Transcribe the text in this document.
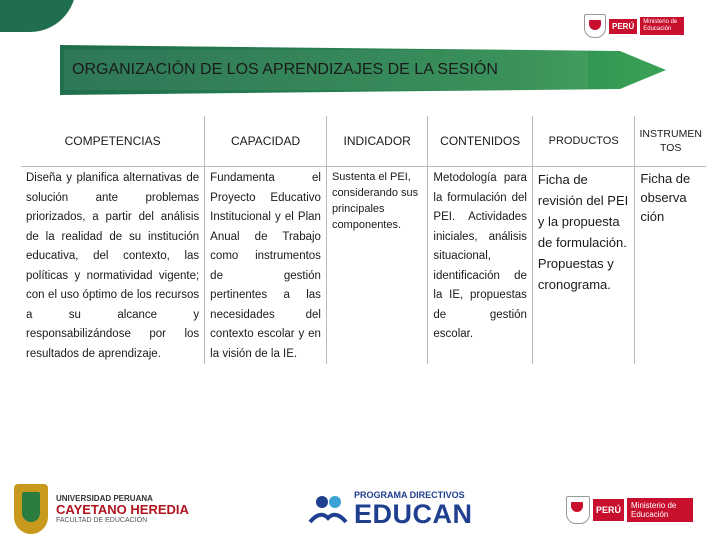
PERÚ	Ministerio de Educación
ORGANIZACIÓN DE LOS APRENDIZAJES DE LA SESIÓN
COMPETENCIAS	CAPACIDAD	INDICADOR	CONTENIDOS	PRODUCTOS	INSTRUMEN TOS
Diseña y planifica alternativas de solución ante problemas priorizados, a partir del análisis de la realidad de su institución educativa, del contexto, las políticas y normatividad vigente; con el uso óptimo de los recursos a su alcance y responsabilizándose por los resultados de aprendizaje.	Fundamenta el Proyecto Educativo Institucional y el Plan Anual de Trabajo como instrumentos de gestión pertinentes a las necesidades del contexto escolar y en la visión de la IE.	Sustenta el PEI, considerando sus principales componentes.	Metodología para la formulación del PEI. Actividades iniciales, análisis situacional, identificación de la IE, propuestas de gestión escolar.	Ficha de revisión del PEI y la propuesta de formulación. Propuestas y cronograma.	Ficha de observa ción
UNIVERSIDAD PERUANA
CAYETANO HEREDIA
FACULTAD DE EDUCACIÓN
PROGRAMA DIRECTIVOS
EDUCAN	PERÚ	Ministerio de Educación
